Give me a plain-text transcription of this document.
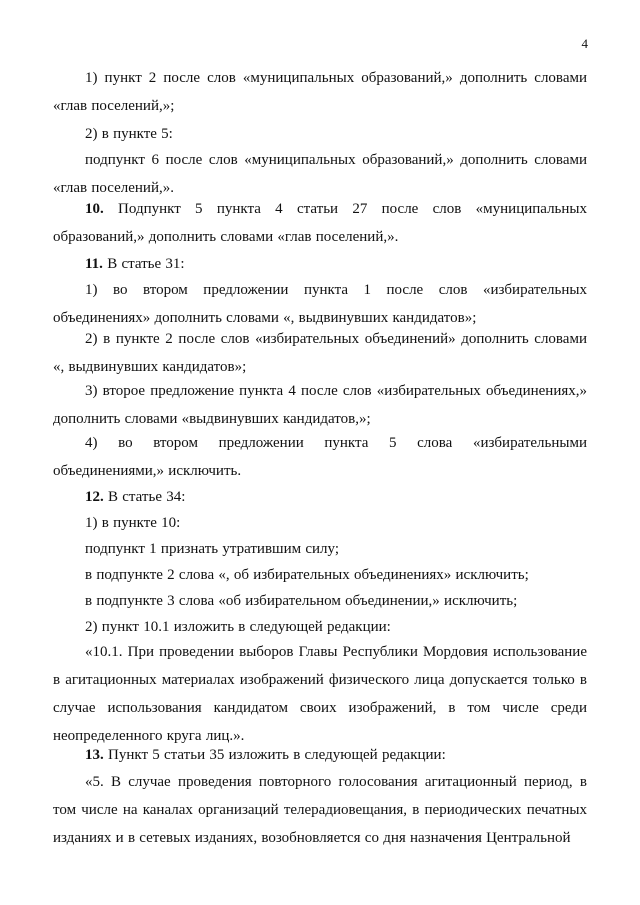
4

1) пункт 2 после слов «муниципальных образований,» дополнить словами «глав поселений,»;

2) в пункте 5:

подпункт 6 после слов «муниципальных образований,» дополнить словами «глав поселений,».

10. Подпункт 5 пункта 4 статьи 27 после слов «муниципальных образований,» дополнить словами «глав поселений,».

11. В статье 31:

1) во втором предложении пункта 1 после слов «избирательных объединениях» дополнить словами «, выдвинувших кандидатов»;

2) в пункте 2 после слов «избирательных объединений» дополнить словами «, выдвинувших кандидатов»;

3) второе предложение пункта 4 после слов «избирательных объединениях,» дополнить словами «выдвинувших кандидатов,»;

4) во втором предложении пункта 5 слова «избирательными объединениями,» исключить.

12. В статье 34:

1) в пункте 10:

подпункт 1 признать утратившим силу;

в подпункте 2 слова «, об избирательных объединениях» исключить;

в подпункте 3 слова «об избирательном объединении,» исключить;

2) пункт 10.1 изложить в следующей редакции:

«10.1. При проведении выборов Главы Республики Мордовия использование в агитационных материалах изображений физического лица допускается только в случае использования кандидатом своих изображений, в том числе среди неопределенного круга лиц.».

13. Пункт 5 статьи 35 изложить в следующей редакции:

«5. В случае проведения повторного голосования агитационный период, в том числе на каналах организаций телерадиовещания, в периодических печатных изданиях и в сетевых изданиях, возобновляется со дня назначения Центральной
